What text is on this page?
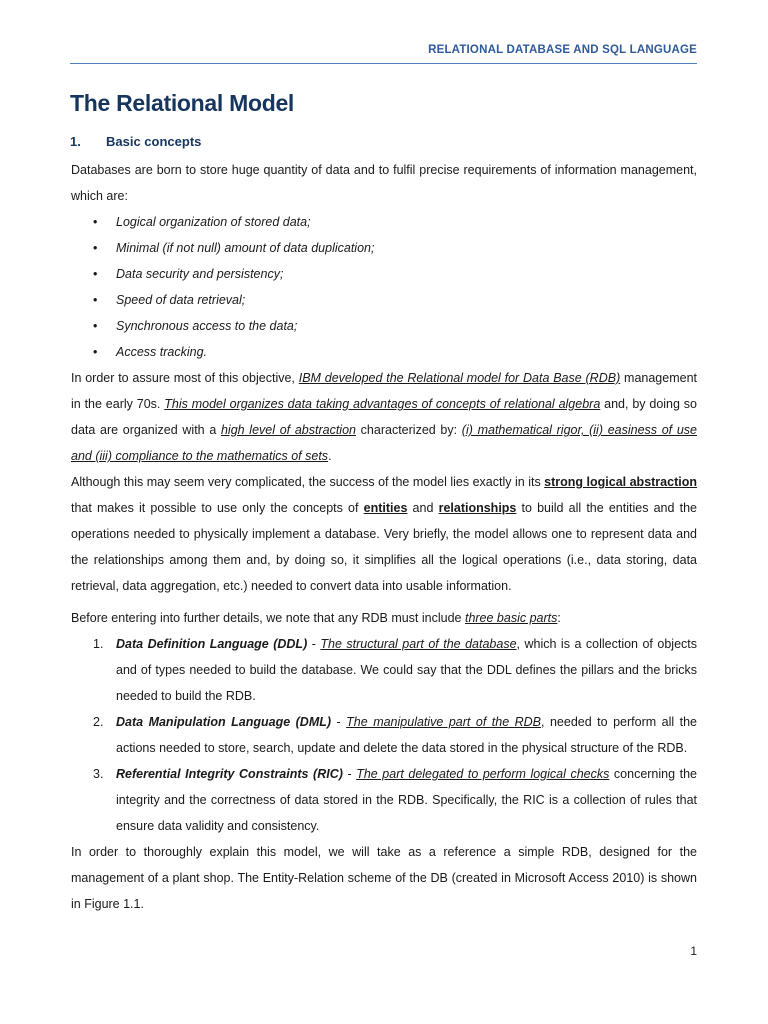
RELATIONAL DATABASE AND SQL LANGUAGE
The Relational Model
1. Basic concepts

Databases are born to store huge quantity of data and to fulfil precise requirements of information management, which are:

• Logical organization of stored data;
• Minimal (if not null) amount of data duplication;
• Data security and persistency;
• Speed of data retrieval;
• Synchronous access to the data;
• Access tracking.

In order to assure most of this objective, IBM developed the Relational model for Data Base (RDB) management in the early 70s. This model organizes data taking advantages of concepts of relational algebra and, by doing so data are organized with a high level of abstraction characterized by: (i) mathematical rigor, (ii) easiness of use and (iii) compliance to the mathematics of sets.

Although this may seem very complicated, the success of the model lies exactly in its strong logical abstraction that makes it possible to use only the concepts of entities and relationships to build all the entities and the operations needed to physically implement a database. Very briefly, the model allows one to represent data and the relationships among them and, by doing so, it simplifies all the logical operations (i.e., data storing, data retrieval, data aggregation, etc.) needed to convert data into usable information.

Before entering into further details, we note that any RDB must include three basic parts:

1. Data Definition Language (DDL) - The structural part of the database, which is a collection of objects and of types needed to build the database. We could say that the DDL defines the pillars and the bricks needed to build the RDB.
2. Data Manipulation Language (DML) - The manipulative part of the RDB, needed to perform all the actions needed to store, search, update and delete the data stored in the physical structure of the RDB.
3. Referential Integrity Constraints (RIC) - The part delegated to perform logical checks concerning the integrity and the correctness of data stored in the RDB. Specifically, the RIC is a collection of rules that ensure data validity and consistency.

In order to thoroughly explain this model, we will take as a reference a simple RDB, designed for the management of a plant shop. The Entity-Relation scheme of the DB (created in Microsoft Access 2010) is shown in Figure 1.1.

1
